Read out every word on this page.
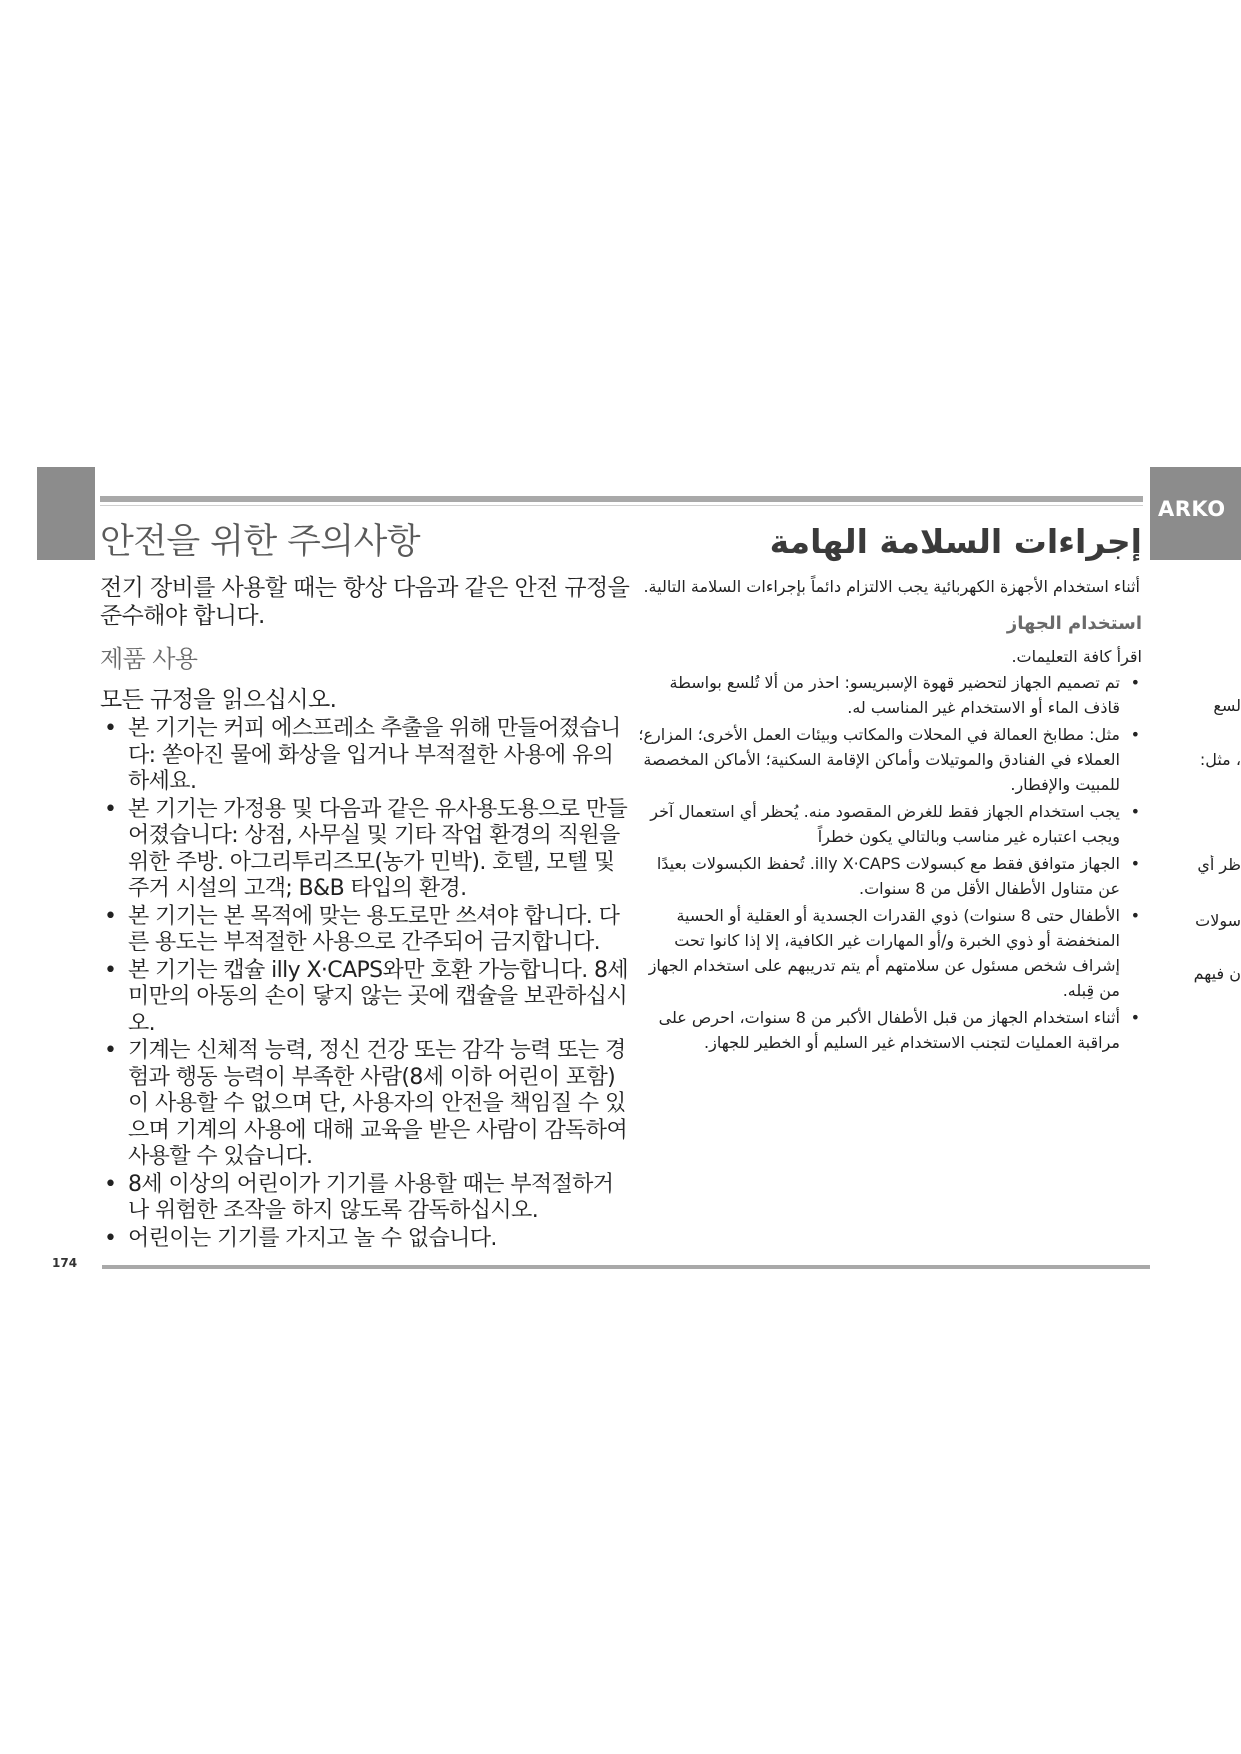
ARKO
안전을 위한 주의사항
전기 장비를 사용할 때는 항상 다음과 같은 안전 규정을 준수해야 합니다.
제품 사용
모든 규정을 읽으십시오.
• 본 기기는 커피 에스프레소 추출을 위해 만들어졌습니다: 쏟아진 물에 화상을 입거나 부적절한 사용에 유의하세요.
• 본 기기는 가정용 및 다음과 같은 유사용도용으로 만들어졌습니다: 상점, 사무실 및 기타 작업 환경의 직원을 위한 주방. 아그리투리즈모(농가 민박). 호텔, 모텔 및 주거 시설의 고객; B&B 타입의 환경.
• 본 기기는 본 목적에 맞는 용도로만 쓰셔야 합니다. 다른 용도는 부적절한 사용으로 간주되어 금지합니다.
• 본 기기는 캡슐 illy X·CAPS와만 호환 가능합니다. 8세 미만의 아동의 손이 닿지 않는 곳에 캡슐을 보관하십시오.
• 기계는 신체적 능력, 정신 건강 또는 감각 능력 또는 경험과 행동 능력이 부족한 사람(8세 이하 어린이 포함)이 사용할 수 없으며 단, 사용자의 안전을 책임질 수 있으며 기계의 사용에 대해 교육을 받은 사람이 감독하여 사용할 수 있습니다.
• 8세 이상의 어린이가 기기를 사용할 때는 부적절하거나 위험한 조작을 하지 않도록 감독하십시오.
• 어린이는 기기를 가지고 놀 수 없습니다.
إجراءات السلامة الهامة
أثناء استخدام الأجهزة الكهربائية يجب الالتزام دائماً بإجراءات السلامة التالية.
استخدام الجهاز
اقرأ كافة التعليمات.
•
تم تصميم الجهاز لتحضير قهوة الإسبريسو: احذر من ألا تُلسع بواسطة قاذف الماء أو الاستخدام غير المناسب له.
•
مثل: مطابخ العمالة في المحلات والمكاتب وبيئات العمل الأخرى؛ المزارع؛ العملاء في الفنادق والموتيلات وأماكن الإقامة السكنية؛ الأماكن المخصصة للمبيت والإفطار.
•
يجب استخدام الجهاز فقط للغرض المقصود منه. يُحظر أي استعمال آخر ويجب اعتباره غير مناسب وبالتالي يكون خطراً
•
الجهاز متوافق فقط مع كبسولات illy X·CAPS. تُحفظ الكبسولات بعيدًا عن متناول الأطفال الأقل من 8 سنوات.
•
الأطفال حتى 8 سنوات) ذوي القدرات الجسدية أو العقلية أو الحسية المنخفضة أو ذوي الخبرة و/أو المهارات غير الكافية، إلا إذا كانوا تحت إشراف شخص مسئول عن سلامتهم أم يتم تدريبهم على استخدام الجهاز من قِبله.
•
أثناء استخدام الجهاز من قبل الأطفال الأكبر من 8 سنوات، احرص على مراقبة العمليات لتجنب الاستخدام غير السليم أو الخطير للجهاز.
لسع
، مثل:
ظر أي
سولات
ن فيهم
174
